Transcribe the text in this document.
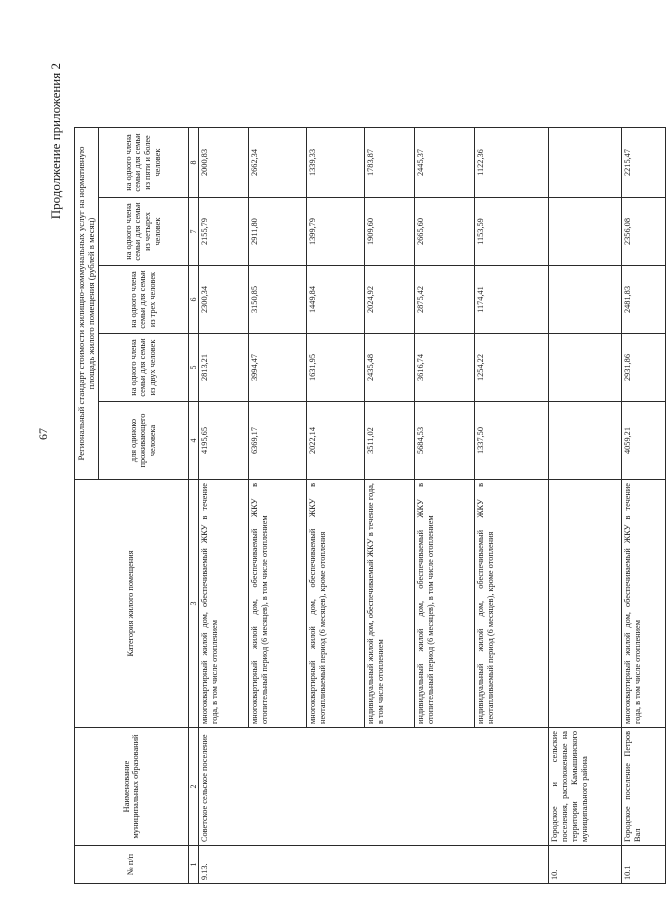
67
Продолжение приложения 2
№ п/п	Наименование муниципальных образований	Категория жилого помещения	Региональный стандарт стоимости жилищно-коммунальных услуг на нормативную площадь жилого помещения (рублей в месяц)				
			для одиноко проживающего человека	на одного члена семьи для семьи из двух человек	на одного члена семьи для семьи из трех человек	на одного члена семьи для семьи из четырех человек	на одного члена семьи для семьи из пяти и более человек
1	2	3	4	5	6	7	8
9.13.	Советское сельское поселение	многоквартирный жилой дом, обеспечиваемый ЖКУ в течение года, в том числе отоплением	4195,65	2813,21	2300,34	2155,79	2000,83
		многоквартирный жилой дом, обеспечиваемый ЖКУ в отопительный период (6 месяцев), в том числе отоплением	6369,17	3994,47	3150,85	2911,80	2662,34
		многоквартирный жилой дом, обеспечиваемый ЖКУ в неотапливаемый период (6 месяцев), кроме отопления	2022,14	1631,95	1449,84	1399,79	1339,33
		индивидуальный жилой дом, обеспечиваемый ЖКУ в течение года, в том числе отоплением	3511,02	2435,48	2024,92	1909,60	1783,87
		индивидуальный жилой дом, обеспечиваемый ЖКУ в отопительный период (6 месяцев), в том числе отоплением	5684,53	3616,74	2875,42	2665,60	2445,37
		индивидуальный жилой дом, обеспечиваемый ЖКУ в неотапливаемый период (6 месяцев), кроме отопления	1337,50	1254,22	1174,41	1153,59	1122,36
10.	Городское и сельские поселения, расположенные на территории Камышинского муниципального района						
10.1	Городское поселение Петров Вал	многоквартирный жилой дом, обеспечиваемый ЖКУ в течение года, в том числе отоплением	4059,21	2931,86	2481,83	2356,08	2215,47
